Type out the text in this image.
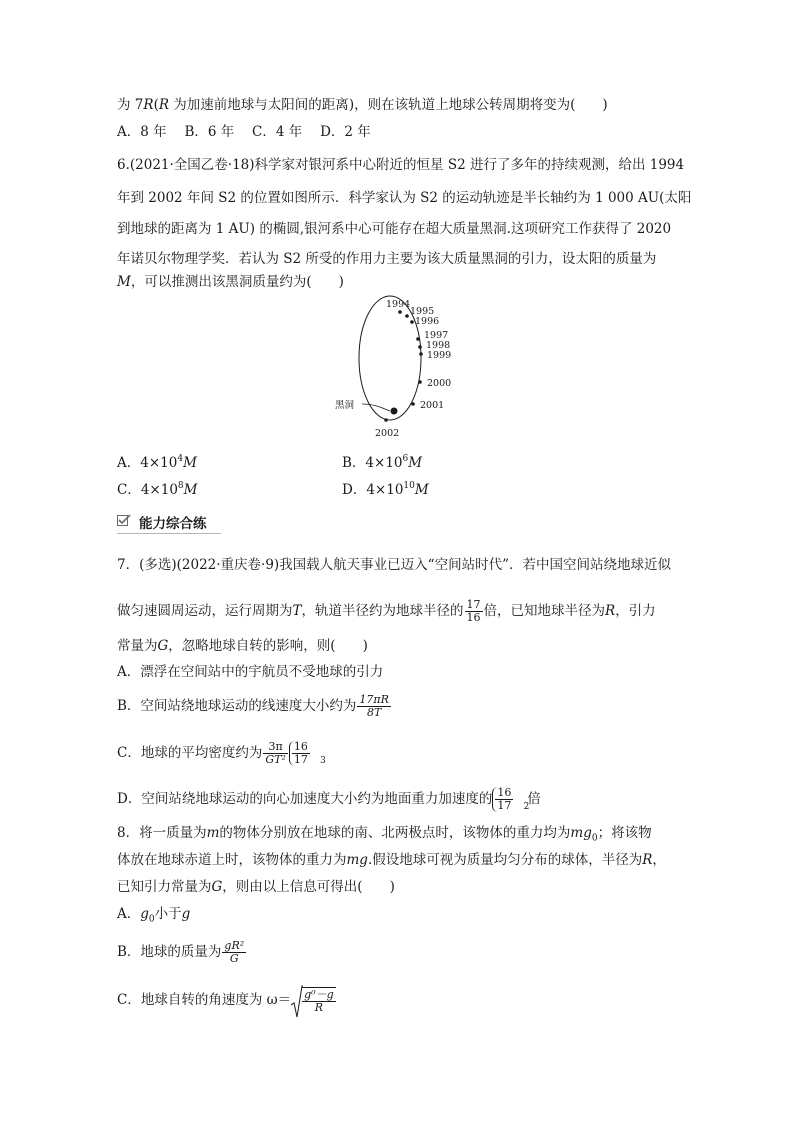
为 7R(R 为加速前地球与太阳间的距离)，则在该轨道上地球公转周期将变为(　　)
A．8 年　 B．6 年　 C．4 年　 D．2 年
6.(2021·全国乙卷·18)科学家对银河系中心附近的恒星 S2 进行了多年的持续观测，给出 1994
年到 2002 年间 S2 的位置如图所示．科学家认为 S2 的运动轨迹是半长轴约为 1 000 AU(太阳
到地球的距离为 1 AU) 的椭圆,银河系中心可能存在超大质量黑洞.这项研究工作获得了 2020
年诺贝尔物理学奖．若认为 S2 所受的作用力主要为该大质量黑洞的引力，设太阳的质量为
M，可以推测出该黑洞质量约为(　　)
1994
1995
1996
1997
1998
1999
2000
2001
2002
黑洞
A．$4\times 10^4M$	B．$4\times 10^6M$
C．$4\times 10^8M$	D．$4\times 10^{10}M$
能力综合练
7．(多选)(2022·重庆卷·9)我国载人航天事业已迈入“空间站时代”．若中国空间站绕地球近似
做匀速圆周运动，运行周期为T，轨道半径约为地球半径的 $\frac{17}{16}$ 倍，已知地球半径为R，引力
常量为G，忽略地球自转的影响，则(　　)
A．漂浮在空间站中的宇航员不受地球的引力
B．空间站绕地球运动的线速度大小约为 $\frac{17\pi R}{8T}$
C．地球的平均密度约为 $\frac{3\pi}{\text{GT²}} 16$
17 3
D．空间站绕地球运动的向心加速度大小约为地面重力加速度的 16
17 2
倍
8．将一质量为m的物体分别放在地球的南、北两极点时，该物体的重力均为$mg_0$；将该物
体放在地球赤道上时，该物体的重力为mg.假设地球可视为质量均匀分布的球体，半径为R，
已知引力常量为G，则由以上信息可得出(　　)
A．$g_0$小于g
B．地球的质量为 $\frac{\text{gR²}}{G}$
C．地球自转的角速度为 $\omega= \frac{\text{g⁰－g}}{R}$
